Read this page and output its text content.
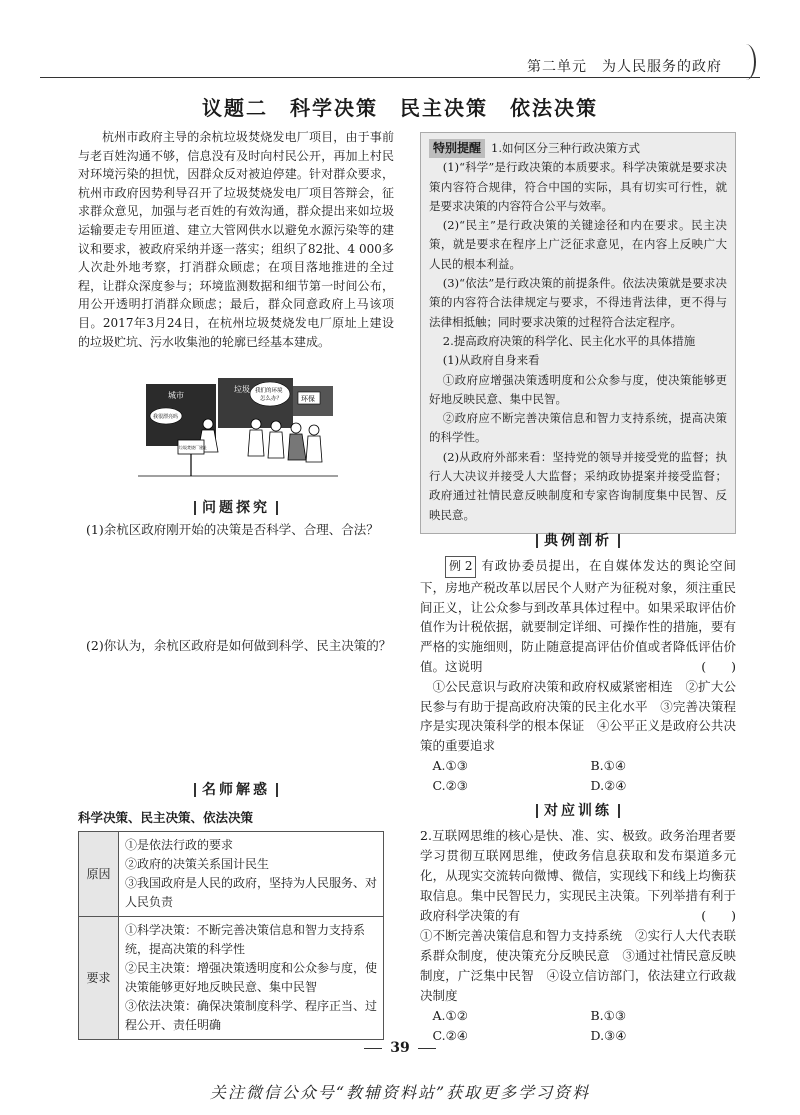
第二单元　为人民服务的政府
议题二　科学决策　民主决策　依法决策

杭州市政府主导的余杭垃圾焚烧发电厂项目，由于事前与老百姓沟通不够，信息没有及时向村民公开，再加上村民对环境污染的担忧，因群众反对被迫停建。针对群众要求，杭州市政府因势利导召开了垃圾焚烧发电厂项目答辩会，征求群众意见，加强与老百姓的有效沟通，群众提出来如垃圾运输要走专用匝道、建立大管网供水以避免水源污染等的建议和要求，被政府采纳并逐一落实；组织了82批、4 000多人次赴外地考察，打消群众顾虑；在项目落地推进的全过程，让群众深度参与；环境监测数据和细节第一时间公布，用公开透明打消群众顾虑；最后，群众同意政府上马该项目。2017年3月24日，在杭州垃圾焚烧发电厂原址上建设的垃圾贮坑、污水收集池的轮廓已经基本建成。

城市
垃圾
我很漂亮吗
我们的环境
怎么办？	环保
垃圾焚烧厂建址
问题探究
(1)余杭区政府刚开始的决策是否科学、合理、合法？
(2)你认为，余杭区政府是如何做到科学、民主决策的？
名师解惑
科学决策、民主决策、依法决策
原因	①是依法行政的要求
②政府的决策关系国计民生
③我国政府是人民的政府，坚持为人民服务、对人民负责
要求	①科学决策：不断完善决策信息和智力支持系统，提高决策的科学性
②民主决策：增强决策透明度和公众参与度，使决策能够更好地反映民意、集中民智
③依法决策：确保决策制度科学、程序正当、过程公开、责任明确
特别提醒 1.如何区分三种行政决策方式
(1)“科学”是行政决策的本质要求。科学决策就是要求决策内容符合规律，符合中国的实际，具有切实可行性，就是要求决策的内容符合公平与效率。
(2)“民主”是行政决策的关键途径和内在要求。民主决策，就是要求在程序上广泛征求意见，在内容上反映广大人民的根本利益。
(3)“依法”是行政决策的前提条件。依法决策就是要求决策的内容符合法律规定与要求，不得违背法律，更不得与法律相抵触；同时要求决策的过程符合法定程序。
2.提高政府决策的科学化、民主化水平的具体措施
(1)从政府自身来看
①政府应增强决策透明度和公众参与度，使决策能够更好地反映民意、集中民智。
②政府应不断完善决策信息和智力支持系统，提高决策的科学性。
(2)从政府外部来看：坚持党的领导并接受党的监督；执行人大决议并接受人大监督；采纳政协提案并接受监督；政府通过社情民意反映制度和专家咨询制度集中民智、反映民意。
典例剖析

例 2 有政协委员提出，在自媒体发达的舆论空间下，房地产税改革以居民个人财产为征税对象，须注重民间正义，让公众参与到改革具体过程中。如果采取评估价值作为计税依据，就要制定详细、可操作性的措施，要有严格的实施细则，防止随意提高评估价值或者降低评估价值。这说明	(　　)

①公民意识与政府决策和政府权威紧密相连　②扩大公民参与有助于提高政府决策的民主化水平　③完善决策程序是实现决策科学的根本保证　④公平正义是政府公共决策的重要追求

A.①③	B.①④
C.②③	D.②④
对应训练

2.互联网思维的核心是快、准、实、极致。政务治理者要学习贯彻互联网思维，使政务信息获取和发布渠道多元化，从现实交流转向微博、微信，实现线下和线上均衡获取信息。集中民智民力，实现民主决策。下列举措有利于政府科学决策的有	(　　)

①不断完善决策信息和智力支持系统　②实行人大代表联系群众制度，使决策充分反映民意　③通过社情民意反映制度，广泛集中民智　④设立信访部门，依法建立行政裁决制度

A.①②	B.①③
C.②④	D.③④
39
关注微信公众号“教辅资料站”获取更多学习资料
